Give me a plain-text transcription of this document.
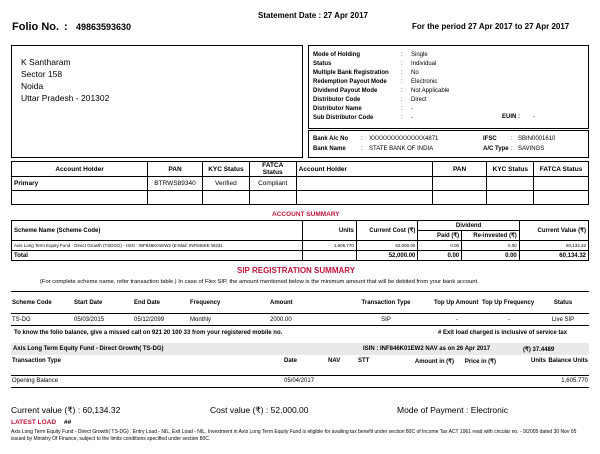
Statement Date : 27 Apr 2017
Folio No. : 49863593630	For the period 27 Apr 2017 to 27 Apr 2017
K Santharam
Sector 158
Noida
Uttar Pradesh - 201302
Mode of Holding	:	Single
Status	:	Individual
Multiple Bank Registration	:	No
Redemption Payout Mode	:	Electronic
Dividend Payout Mode	:	Not Applicable
Distributor Code	:	Direct
Distributor Name	:	-
Sub Distributor Code	:	-	EUIN : -
Bank A/c No : XXXXXXXXXXXXXX4871	IFSC : SBIN0001610
Bank Name	: STATE BANK OF INDIA	A/C Type : SAVINGS
Account Holder	PAN	KYC Status	FATCA Status	Account Holder	PAN	KYC Status	FATCA Status
Primary	BTRWS89340	Verified	Compliant				

ACCOUNT SUMMARY
Scheme Name (Scheme Code)	Units	Current Cost (₹)	Dividend		Current Value (₹)
			Paid (₹)	Re-invested (₹)	
Axis Long Term Equity Fund - Direct Growth (TSDGG) - ISIN : INF846K01EW2 (E-Mail: INF846KE W231	1,605.770	52,000.00	0.00	0.00	60,134.32
Total		52,000.00	0.00	0.00	60,134.32
SIP REGISTRATION SUMMARY
(For complete scheme name, refer transaction table.) In case of Flex SIP, the amount mentioned below is the minimum amount that will be debited from your bank account.
Scheme Code	Start Date	End Date	Frequency	Amount	Transaction Type	Top Up Amount	Top Up Frequency	Status
TS-DG	05/03/2015	05/12/2099	Monthly	2000.00	SIP	-	-	Live SIP
To know the folio balance, give a missed call on 921 20 100 33 from your registered mobile no.	# Exit load charged is inclusive of service tax
Axis Long Term Equity Fund - Direct Growth( TS-DG)	ISIN : INF846K01EW2 NAV as on 26 Apr 2017	(₹) 37.4489
Transaction Type	Date	NAV	STT	Amount in (₹)	Price in (₹)	Units	Balance Units
Opening Balance	05/04/2017						1,605.770
Current value (₹) : 60,134.32	Cost value (₹) : 52,000.00	Mode of Payment : Electronic
LATEST LOAD ##
Axis Long Term Equity Fund - Direct Growth( TS-DG) : Entry Load - NIL, Exit Load - NIL. Investment in Axis Long Term Equity Fund is eligible for availing tax benefit under section 80C of Income Tax ACT 1961 read with circular no. - 9/2005 dated 30 Nov 05 issued by Ministry Of Finance, subject to the limits conditions specified under section 80C.
